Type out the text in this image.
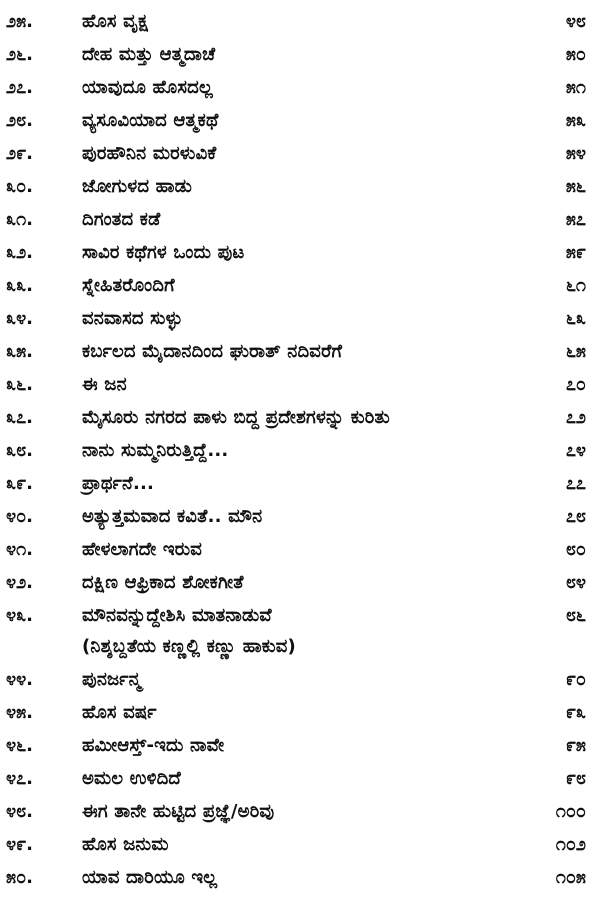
೨೫.	ಹೊಸ ವೃಕ್ಷ	೪೮
೨೬.	ದೇಹ ಮತ್ತು ಆತ್ಮದಾಚೆ	೫೦
೨೭.	ಯಾವುದೂ ಹೊಸದಲ್ಲ	೫೧
೨೮.	ವ್ಯಸೂವಿಯಾದ ಆತ್ಮಕಥೆ	೫೩
೨೯.	ಪುರಹೌನಿನ ಮರಳುವಿಕೆ	೫೪
೩೦.	ಜೋಗುಳದ ಹಾಡು	೫೬
೩೧.	ದಿಗಂತದ ಕಡೆ	೫೭
೩೨.	ಸಾವಿರ ಕಥೆಗಳ ಒಂದು ಪುಟ	೫೯
೩೩.	ಸ್ನೇಹಿತರೊಂದಿಗೆ	೬೧
೩೪.	ವನವಾಸದ ಸುಳ್ಳು	೬೩
೩೫.	ಕರ್ಬಲದ ಮೈದಾನದಿಂದ ಘುರಾತ್ ನದಿವರೆಗೆ	೬೫
೩೬.	ಈ ಜನ	೭೦
೩೭.	ಮೈಸೂರು ನಗರದ ಪಾಳು ಬಿದ್ದ ಪ್ರದೇಶಗಳನ್ನು ಕುರಿತು	೭೨
೩೮.	ನಾನು ಸುಮ್ಮನಿರುತ್ತಿದ್ದೆ...	೭೪
೩೯.	ಪ್ರಾರ್ಥನೆ...	೭೭
೪೦.	ಅತ್ಯುತ್ತಮವಾದ ಕವಿತೆ.. ಮೌನ	೭೮
೪೧.	ಹೇಳಲಾಗದೇ ಇರುವ	೮೦
೪೨.	ದಕ್ಷಿಣ ಆಫ್ರಿಕಾದ ಶೋಕಗೀತೆ	೮೪
೪೩.	ಮೌನವನ್ನುದ್ದೇಶಿಸಿ ಮಾತನಾಡುವೆ	೮೬
(ನಿಶ್ಶಬ್ದತೆಯ ಕಣ್ಣಲ್ಲಿ ಕಣ್ಣು ಹಾಕುವ)
೪೪.	ಪುನರ್ಜನ್ಮ	೯೦
೪೫.	ಹೊಸ ವರ್ಷ	೯೩
೪೬.	ಹಮೀಆಸ್ತ್-ಇದು ನಾವೇ	೯೫
೪೭.	ಅಮಲ ಉಳಿದಿದೆ	೯೮
೪೮.	ಈಗ ತಾನೇ ಹುಟ್ಟಿದ ಪ್ರಜ್ಞೆ/ಅರಿವು	೧೦೦
೪೯.	ಹೊಸ ಜನುಮ	೧೦೨
೫೦.	ಯಾವ ದಾರಿಯೂ ಇಲ್ಲ	೧೦೫
